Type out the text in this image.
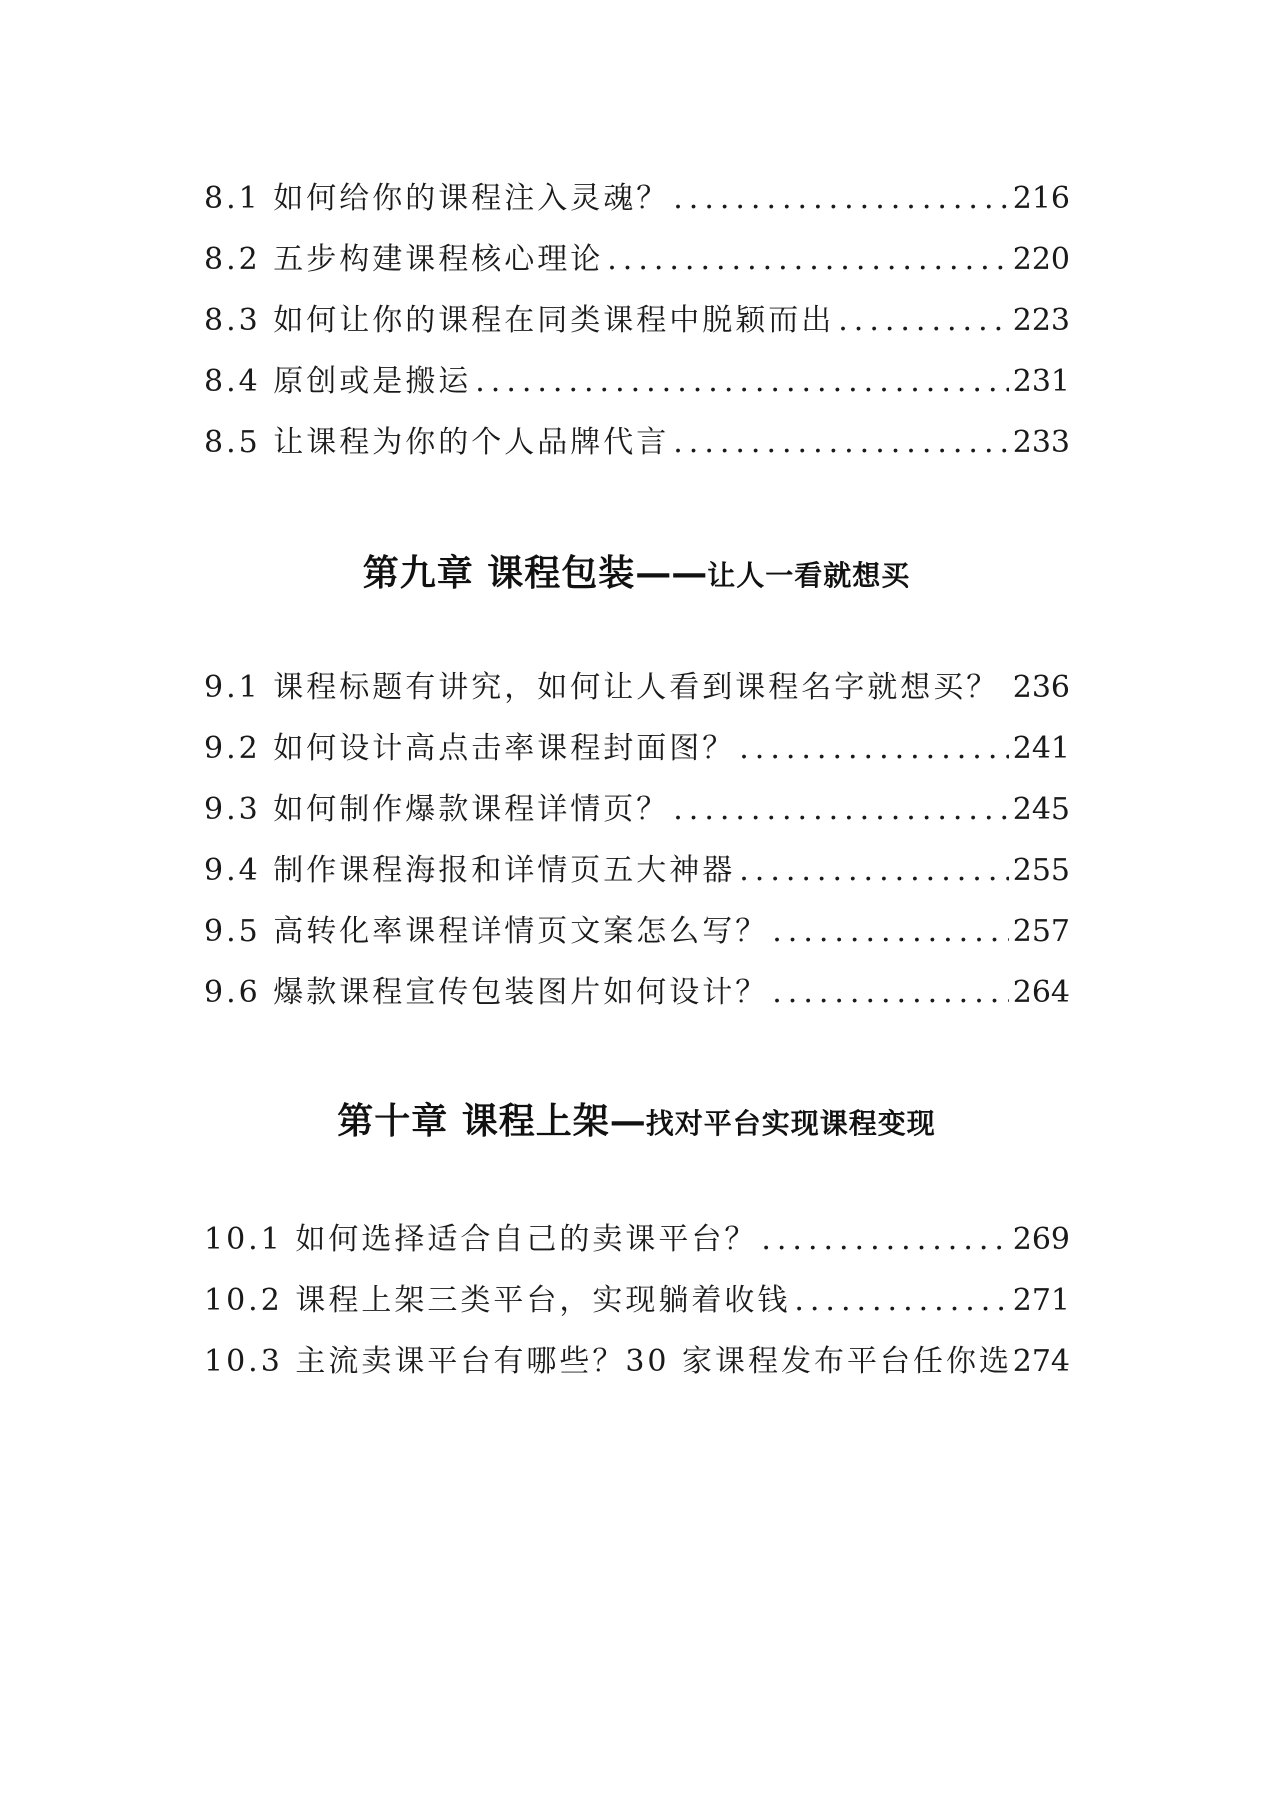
8.1 如何给你的课程注入灵魂？ .....	216
8.2 五步构建课程核心理论 .....	220
8.3 如何让你的课程在同类课程中脱颖而出 .....	223
8.4 原创或是搬运 .....	231
8.5 让课程为你的个人品牌代言 .....	233
第九章 课程包装——让人一看就想买
9.1 课程标题有讲究，如何让人看到课程名字就想买？ 236
9.2 如何设计高点击率课程封面图？ .....	241
9.3 如何制作爆款课程详情页？ .....	245
9.4 制作课程海报和详情页五大神器 .....	255
9.5 高转化率课程详情页文案怎么写？ .....	257
9.6 爆款课程宣传包装图片如何设计？ .....	264
第十章 课程上架—找对平台实现课程变现
10.1 如何选择适合自己的卖课平台？ .....	269
10.2 课程上架三类平台，实现躺着收钱 .....	271
10.3 主流卖课平台有哪些？30 家课程发布平台任你选 274
